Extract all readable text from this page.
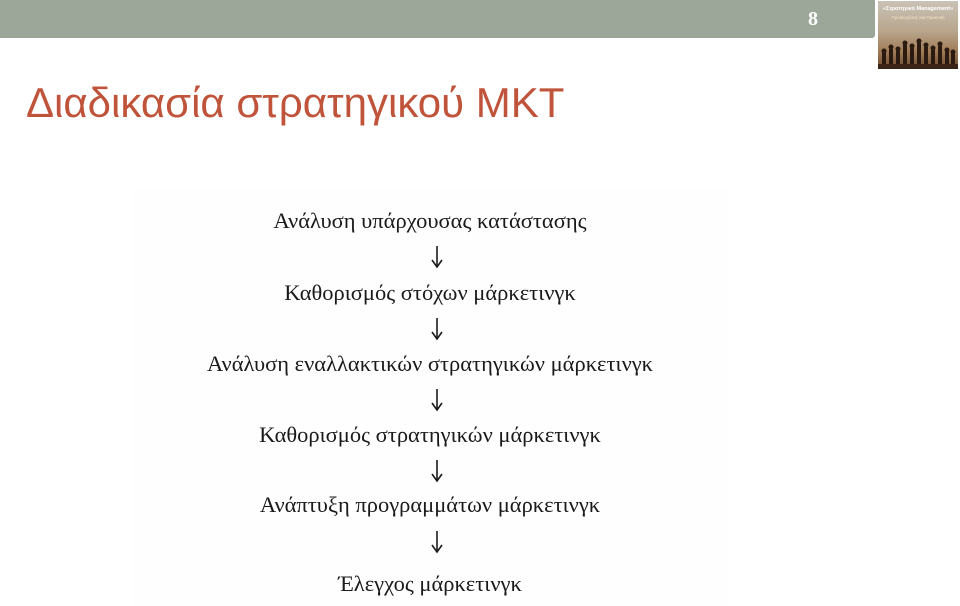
8	«Στρατηγικό Management»
Προσεγγίσεις και Πρακτική
Διαδικασία στρατηγικού ΜΚΤ
Ανάλυση υπάρχουσας κατάστασης
Καθορισμός στόχων μάρκετινγκ
Ανάλυση εναλλακτικών στρατηγικών μάρκετινγκ
Καθορισμός στρατηγικών μάρκετινγκ
Ανάπτυξη προγραμμάτων μάρκετινγκ
Έλεγχος μάρκετινγκ
